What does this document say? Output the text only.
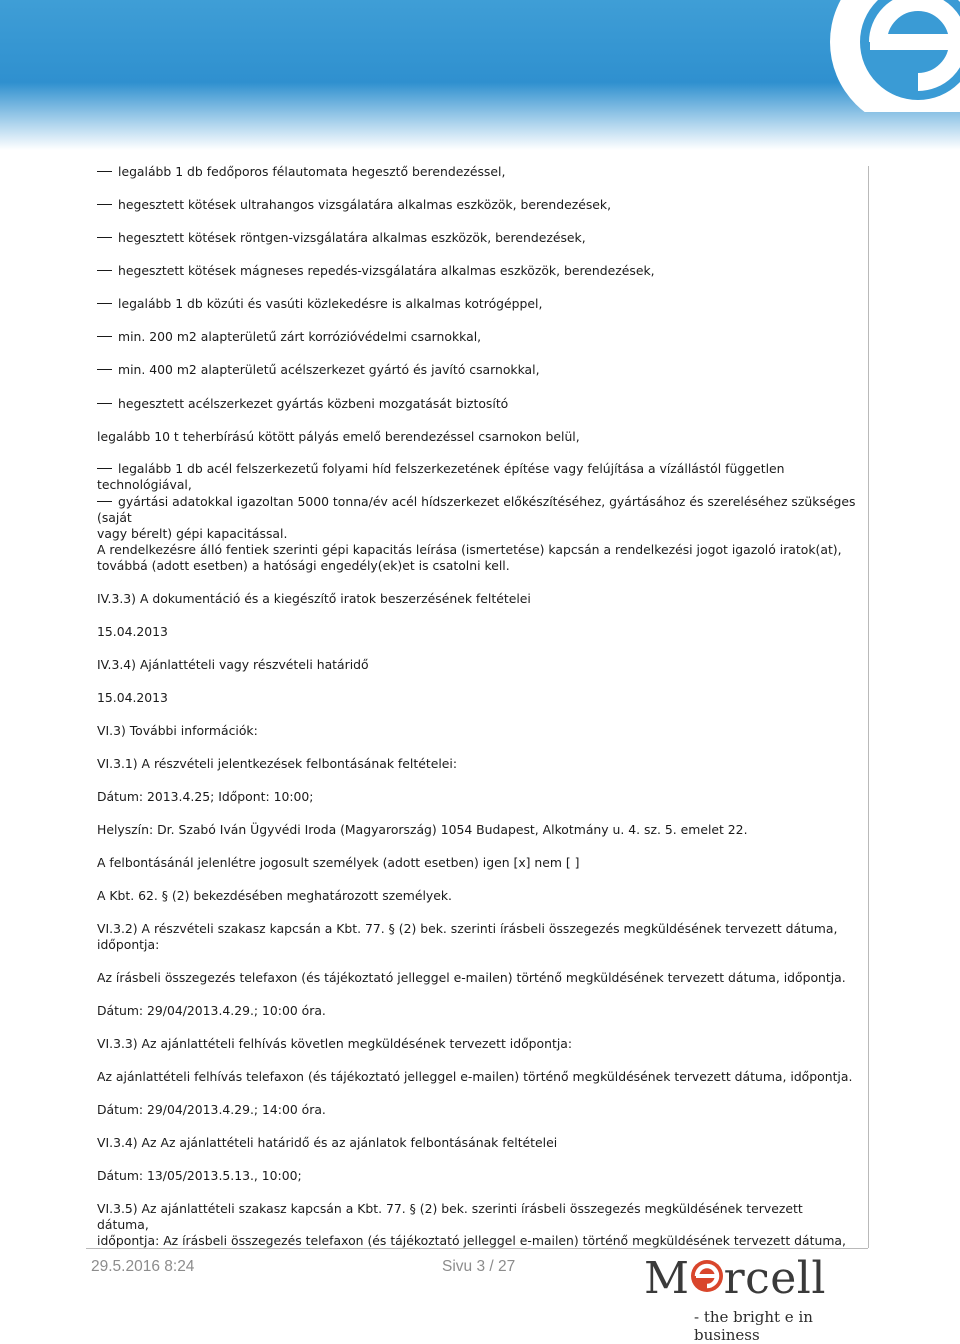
legalább 1 db fedőporos félautomata hegesztő berendezéssel,
hegesztett kötések ultrahangos vizsgálatára alkalmas eszközök, berendezések,
hegesztett kötések röntgen-vizsgálatára alkalmas eszközök, berendezések,
hegesztett kötések mágneses repedés-vizsgálatára alkalmas eszközök, berendezések,
legalább 1 db közúti és vasúti közlekedésre is alkalmas kotrógéppel,
min. 200 m2 alapterületű zárt korrózióvédelmi csarnokkal,
min. 400 m2 alapterületű acélszerkezet gyártó és javító csarnokkal,
hegesztett acélszerkezet gyártás közbeni mozgatását biztosító
legalább 10 t teherbírású kötött pályás emelő berendezéssel csarnokon belül,
legalább 1 db acél felszerkezetű folyami híd felszerkezetének építése vagy felújítása a vízállástól független technológiával,
gyártási adatokkal igazoltan 5000 tonna/év acél hídszerkezet előkészítéséhez, gyártásához és szereléséhez szükséges (saját
vagy bérelt) gépi kapacitással.
A rendelkezésre álló fentiek szerinti gépi kapacitás leírása (ismertetése) kapcsán a rendelkezési jogot igazoló iratok(at),
továbbá (adott esetben) a hatósági engedély(ek)et is csatolni kell.
IV.3.3) A dokumentáció és a kiegészítő iratok beszerzésének feltételei
15.04.2013
IV.3.4) Ajánlattételi vagy részvételi határidő
15.04.2013
VI.3) További információk:
VI.3.1) A részvételi jelentkezések felbontásának feltételei:
Dátum: 2013.4.25; Időpont: 10:00;
Helyszín: Dr. Szabó Iván Ügyvédi Iroda (Magyarország) 1054 Budapest, Alkotmány u. 4. sz. 5. emelet 22.
A felbontásánál jelenlétre jogosult személyek (adott esetben) igen [x] nem [ ]
A Kbt. 62. § (2) bekezdésében meghatározott személyek.
VI.3.2) A részvételi szakasz kapcsán a Kbt. 77. § (2) bek. szerinti írásbeli összegezés megküldésének tervezett dátuma,
időpontja:
Az írásbeli összegezés telefaxon (és tájékoztató jelleggel e-mailen) történő megküldésének tervezett dátuma, időpontja.
Dátum: 29/04/2013.4.29.; 10:00 óra.
VI.3.3) Az ajánlattételi felhívás követlen megküldésének tervezett időpontja:
Az ajánlattételi felhívás telefaxon (és tájékoztató jelleggel e-mailen) történő megküldésének tervezett dátuma, időpontja.
Dátum: 29/04/2013.4.29.; 14:00 óra.
VI.3.4) Az Az ajánlattételi határidő és az ajánlatok felbontásának feltételei
Dátum: 13/05/2013.5.13., 10:00;
VI.3.5) Az ajánlattételi szakasz kapcsán a Kbt. 77. § (2) bek. szerinti írásbeli összegezés megküldésének tervezett dátuma,
időpontja: Az írásbeli összegezés telefaxon (és tájékoztató jelleggel e-mailen) történő megküldésének tervezett dátuma,
29.5.2016 8:24	Sivu 3 / 27	M rcell
- the bright e in business
